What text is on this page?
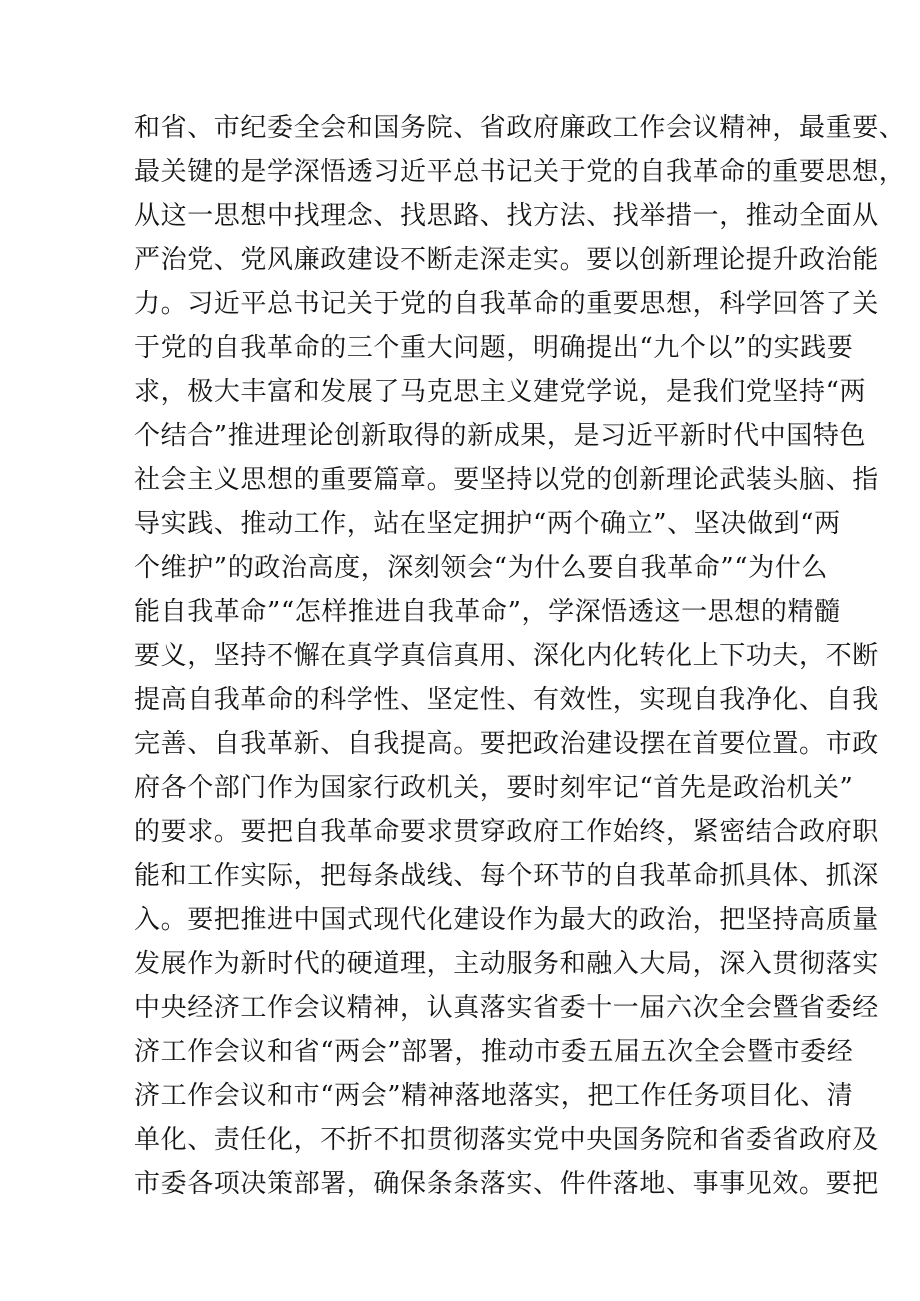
和省、市纪委全会和国务院、省政府廉政工作会议精神，最重要、
最关键的是学深悟透习近平总书记关于党的自我革命的重要思想，
从这一思想中找理念、找思路、找方法、找举措一，推动全面从
严治党、党风廉政建设不断走深走实。要以创新理论提升政治能
力。习近平总书记关于党的自我革命的重要思想，科学回答了关
于党的自我革命的三个重大问题，明确提出“九个以”的实践要
求，极大丰富和发展了马克思主义建党学说，是我们党坚持“两
个结合”推进理论创新取得的新成果，是习近平新时代中国特色
社会主义思想的重要篇章。要坚持以党的创新理论武装头脑、指
导实践、推动工作，站在坚定拥护“两个确立”、坚决做到“两
个维护”的政治高度，深刻领会“为什么要自我革命”“为什么
能自我革命”“怎样推进自我革命”，学深悟透这一思想的精髓
要义，坚持不懈在真学真信真用、深化内化转化上下功夫，不断
提高自我革命的科学性、坚定性、有效性，实现自我净化、自我
完善、自我革新、自我提高。要把政治建设摆在首要位置。市政
府各个部门作为国家行政机关，要时刻牢记“首先是政治机关”
的要求。要把自我革命要求贯穿政府工作始终，紧密结合政府职
能和工作实际，把每条战线、每个环节的自我革命抓具体、抓深
入。要把推进中国式现代化建设作为最大的政治，把坚持高质量
发展作为新时代的硬道理，主动服务和融入大局，深入贯彻落实
中央经济工作会议精神，认真落实省委十一届六次全会暨省委经
济工作会议和省“两会”部署，推动市委五届五次全会暨市委经
济工作会议和市“两会”精神落地落实，把工作任务项目化、清
单化、责任化，不折不扣贯彻落实党中央国务院和省委省政府及
市委各项决策部署，确保条条落实、件件落地、事事见效。要把
